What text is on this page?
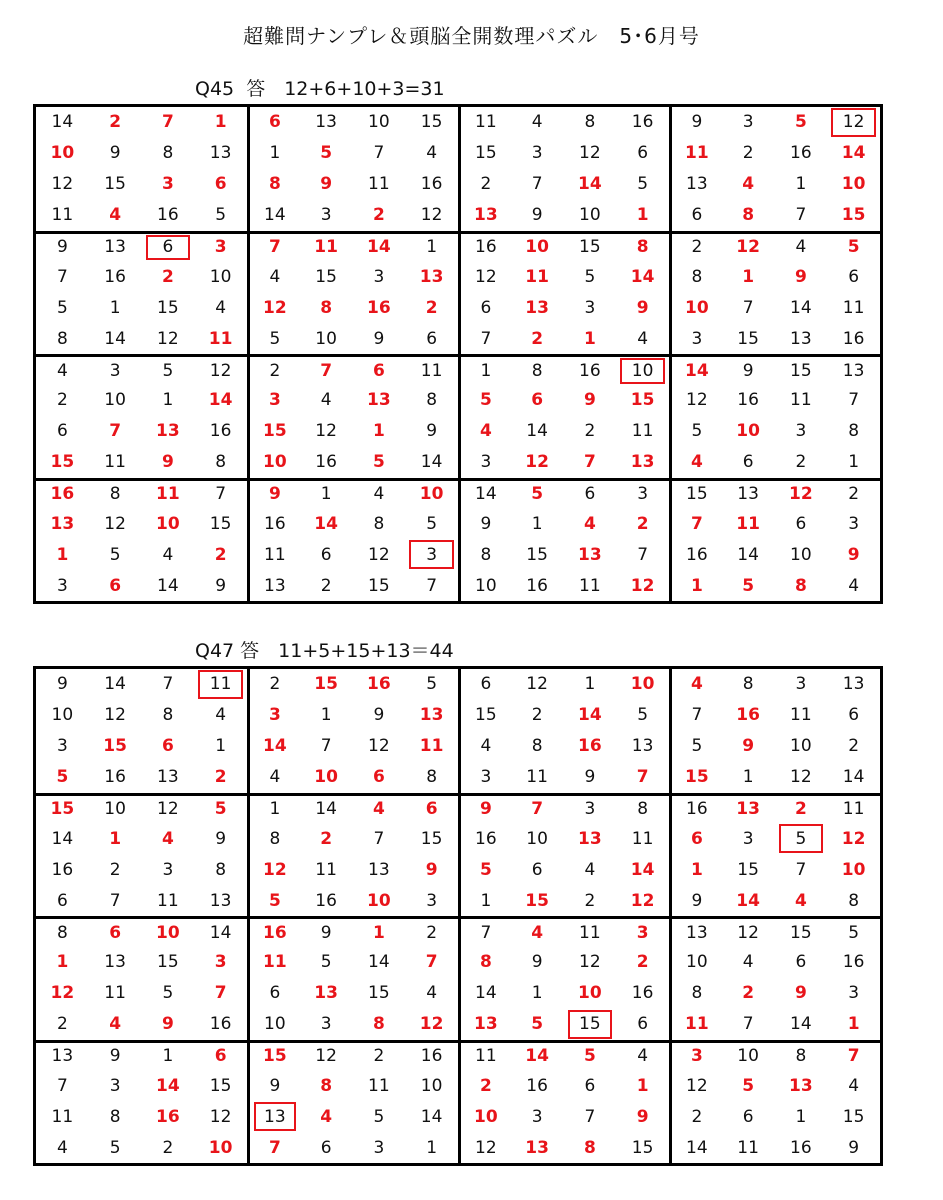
超難問ナンプレ＆頭脳全開数理パズル　5･6月号
Q45  答　12+6+10+3=31
14	2	7	1	6	13	10	15	11	4	8	16	9	3	5	12
10	9	8	13	1	5	7	4	15	3	12	6	11	2	16	14
12	15	3	6	8	9	11	16	2	7	14	5	13	4	1	10
11	4	16	5	14	3	2	12	13	9	10	1	6	8	7	15
9	13	6	3	7	11	14	1	16	10	15	8	2	12	4	5
7	16	2	10	4	15	3	13	12	11	5	14	8	1	9	6
5	1	15	4	12	8	16	2	6	13	3	9	10	7	14	11
8	14	12	11	5	10	9	6	7	2	1	4	3	15	13	16
4	3	5	12	2	7	6	11	1	8	16	10	14	9	15	13
2	10	1	14	3	4	13	8	5	6	9	15	12	16	11	7
6	7	13	16	15	12	1	9	4	14	2	11	5	10	3	8
15	11	9	8	10	16	5	14	3	12	7	13	4	6	2	1
16	8	11	7	9	1	4	10	14	5	6	3	15	13	12	2
13	12	10	15	16	14	8	5	9	1	4	2	7	11	6	3
1	5	4	2	11	6	12	3	8	15	13	7	16	14	10	9
3	6	14	9	13	2	15	7	10	16	11	12	1	5	8	4
Q47 答　11+5+15+13＝44
9	14	7	11	2	15	16	5	6	12	1	10	4	8	3	13
10	12	8	4	3	1	9	13	15	2	14	5	7	16	11	6
3	15	6	1	14	7	12	11	4	8	16	13	5	9	10	2
5	16	13	2	4	10	6	8	3	11	9	7	15	1	12	14
15	10	12	5	1	14	4	6	9	7	3	8	16	13	2	11
14	1	4	9	8	2	7	15	16	10	13	11	6	3	5	12
16	2	3	8	12	11	13	9	5	6	4	14	1	15	7	10
6	7	11	13	5	16	10	3	1	15	2	12	9	14	4	8
8	6	10	14	16	9	1	2	7	4	11	3	13	12	15	5
1	13	15	3	11	5	14	7	8	9	12	2	10	4	6	16
12	11	5	7	6	13	15	4	14	1	10	16	8	2	9	3
2	4	9	16	10	3	8	12	13	5	15	6	11	7	14	1
13	9	1	6	15	12	2	16	11	14	5	4	3	10	8	7
7	3	14	15	9	8	11	10	2	16	6	1	12	5	13	4
11	8	16	12	13	4	5	14	10	3	7	9	2	6	1	15
4	5	2	10	7	6	3	1	12	13	8	15	14	11	16	9
